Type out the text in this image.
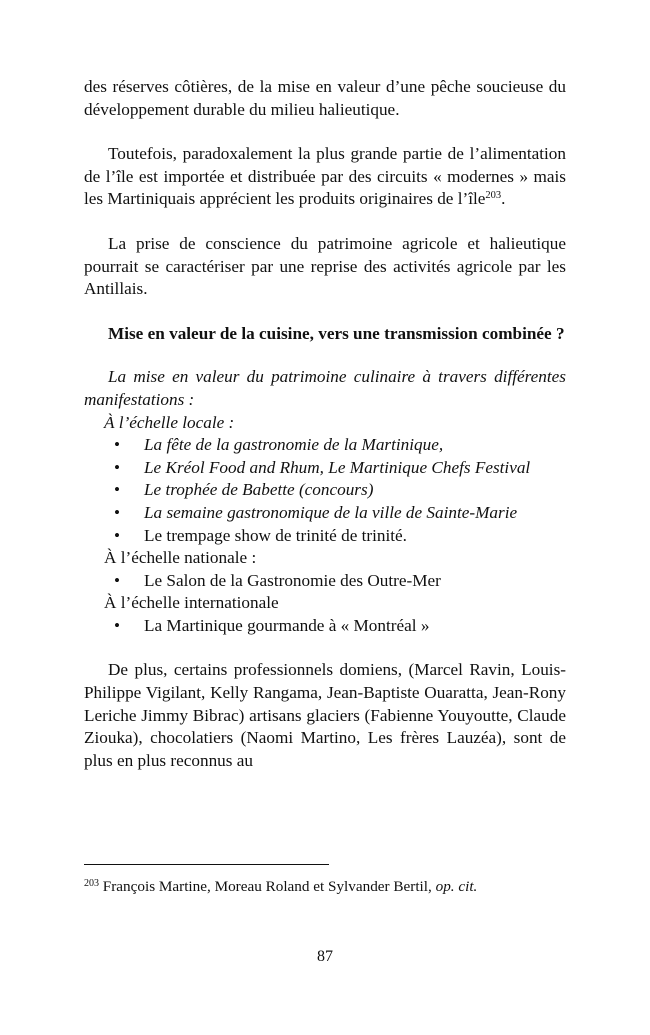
des réserves côtières, de la mise en valeur d’une pêche soucieuse du développement durable du milieu halieutique.

Toutefois, paradoxalement la plus grande partie de l’alimentation de l’île est importée et distribuée par des circuits « modernes » mais les Martiniquais apprécient les produits originaires de l’île$^{203}$.

La prise de conscience du patrimoine agricole et halieutique pourrait se caractériser par une reprise des activités agricole par les Antillais.

Mise en valeur de la cuisine, vers une transmission combinée ?

La mise en valeur du patrimoine culinaire à travers différentes manifestations :

À l’échelle locale :
• La fête de la gastronomie de la Martinique,
• Le Kréol Food and Rhum, Le Martinique Chefs Festival
• Le trophée de Babette (concours)
• La semaine gastronomique de la ville de Sainte-Marie
• Le trempage show de trinité de trinité.
À l’échelle nationale :
• Le Salon de la Gastronomie des Outre-Mer
À l’échelle internationale
• La Martinique gourmande à « Montréal »

De plus, certains professionnels domiens, (Marcel Ravin, Louis-Philippe Vigilant, Kelly Rangama, Jean-Baptiste Ouaratta, Jean-Rony Leriche Jimmy Bibrac) artisans glaciers (Fabienne Youyoutte, Claude Ziouka), chocolatiers (Naomi Martino, Les frères Lauzéa), sont de plus en plus reconnus au

$^{203}$ François Martine, Moreau Roland et Sylvander Bertil, op. cit.
87
